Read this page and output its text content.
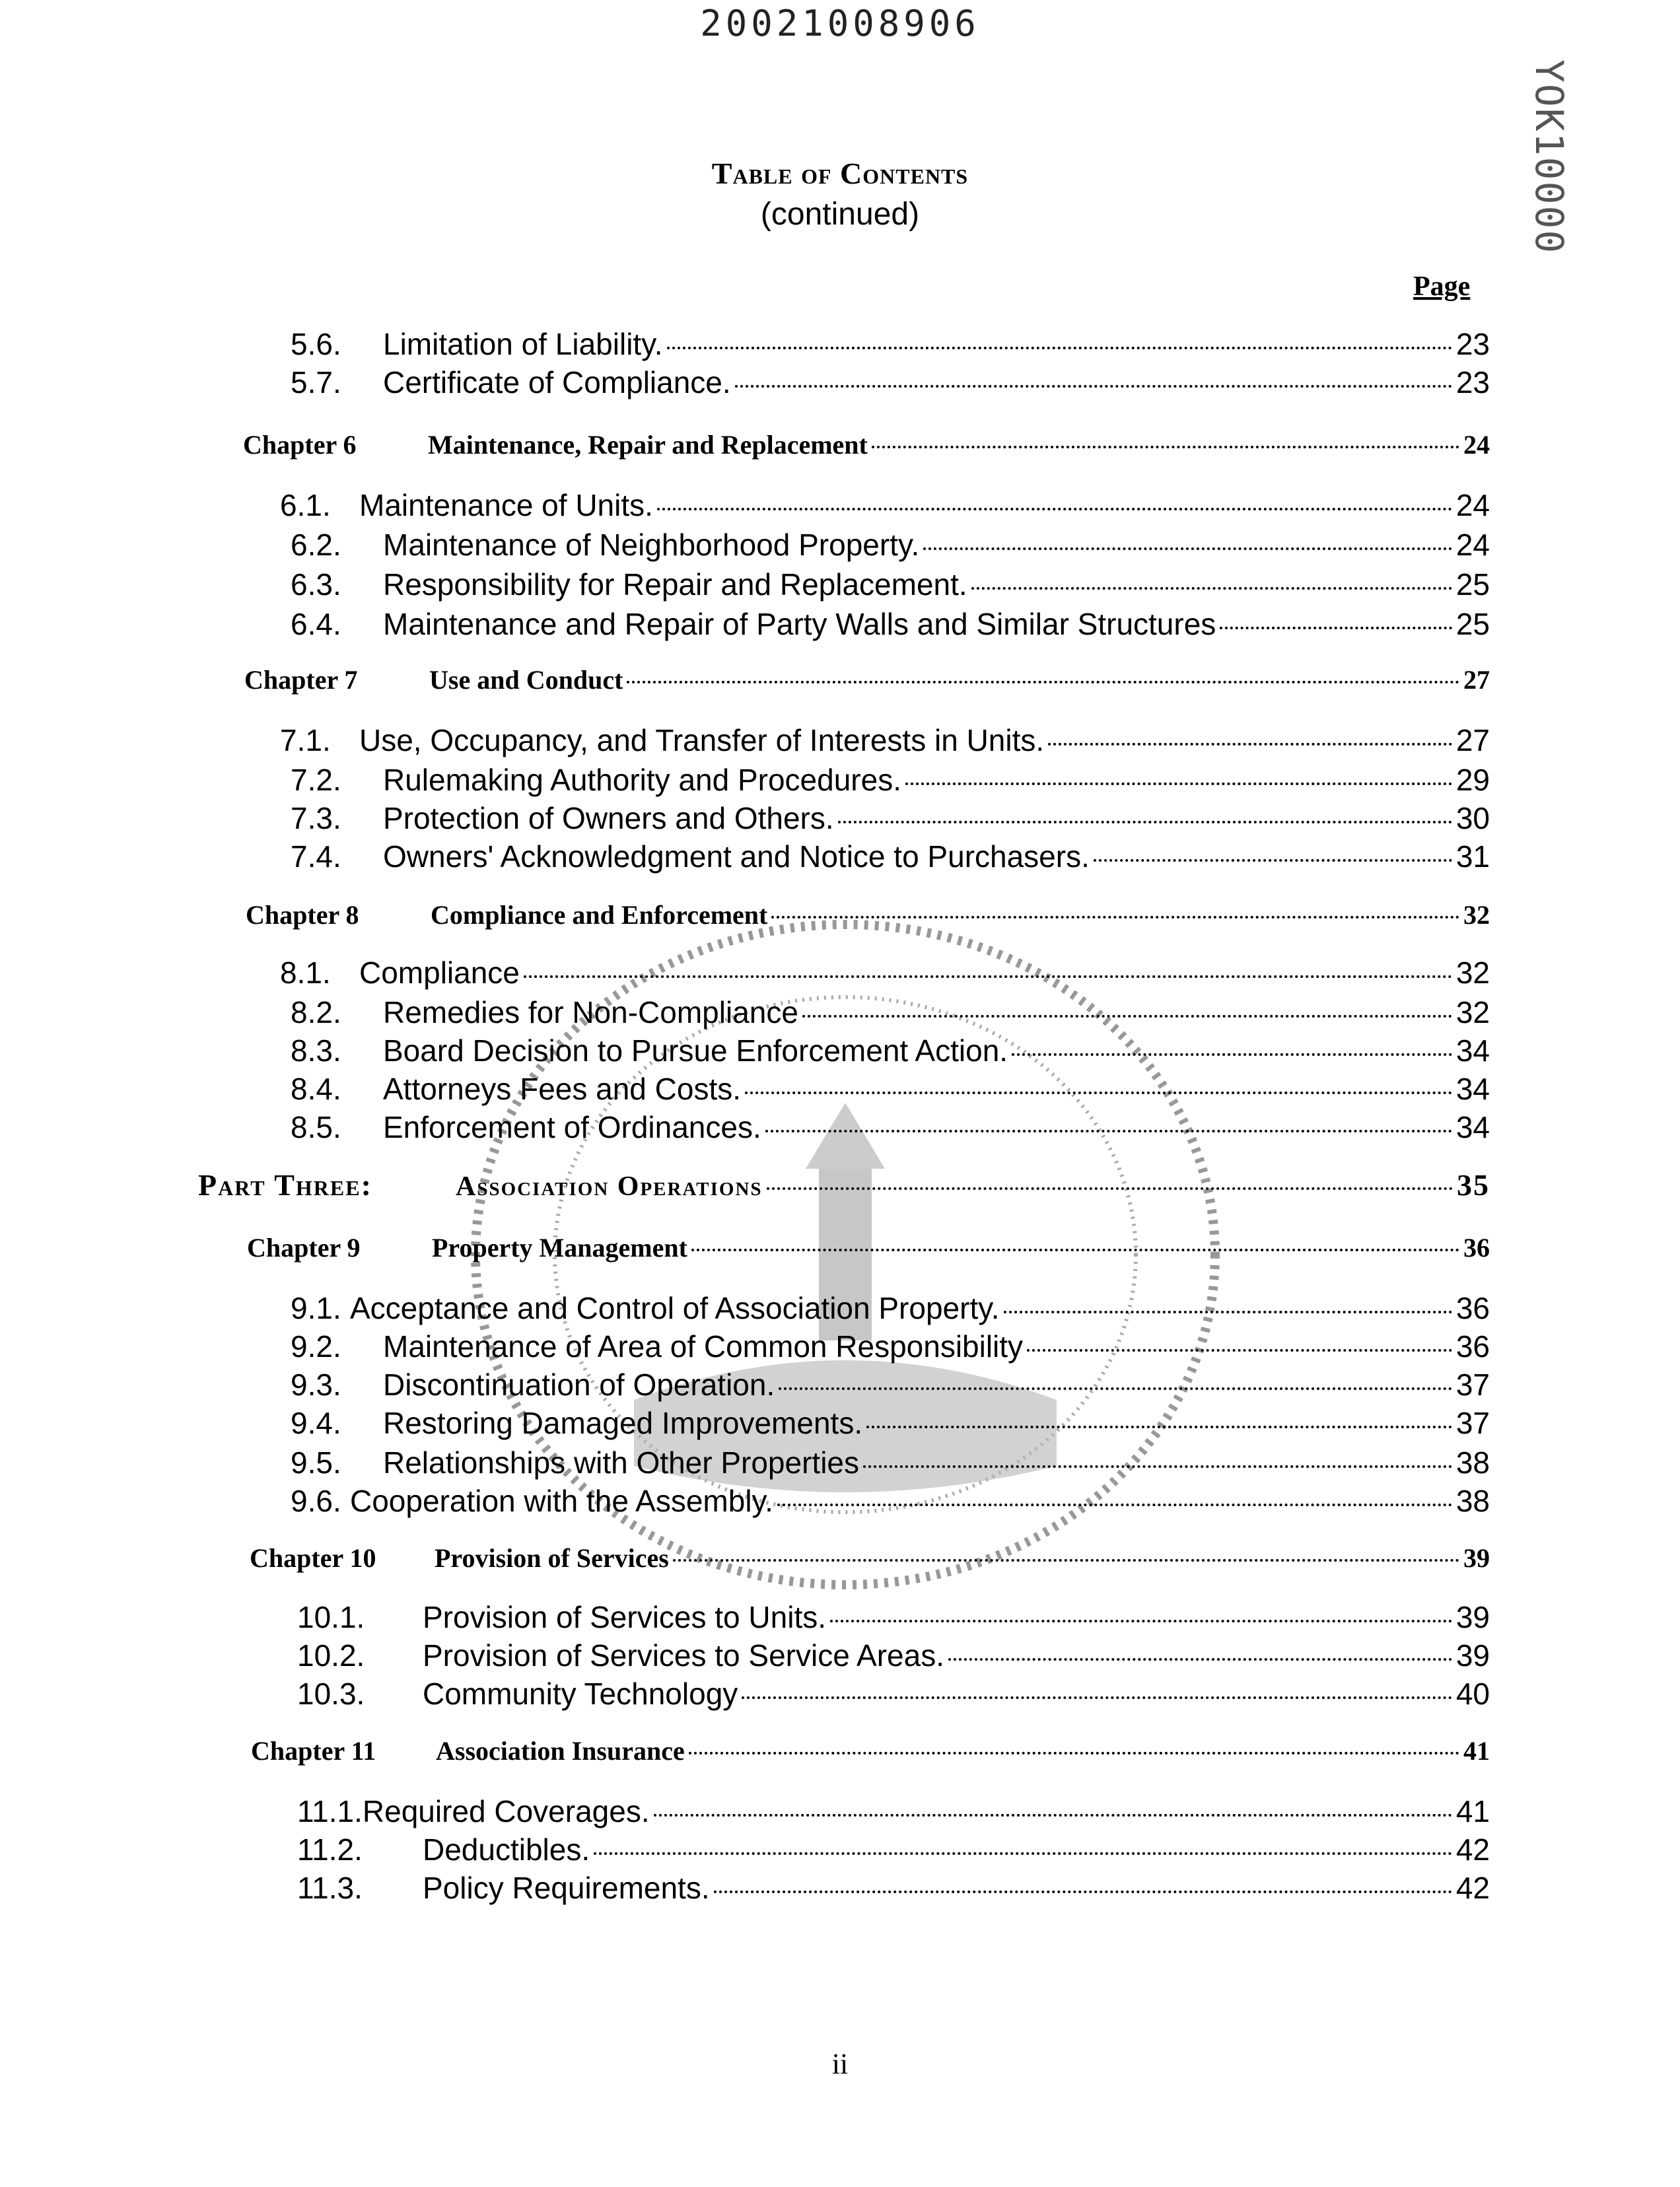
20021008906
YOK10000
Table of Contents
(continued)
Page
5.6.	Limitation of Liability.	23
5.7.	Certificate of Compliance.	23
Chapter 6	Maintenance, Repair and Replacement	24
6.1. Maintenance of Units.	24
6.2.	Maintenance of Neighborhood Property.	24
6.3.	Responsibility for Repair and Replacement.	25
6.4.	Maintenance and Repair of Party Walls and Similar Structures	25
Chapter 7	Use and Conduct	27
7.1. Use, Occupancy, and Transfer of Interests in Units.	27
7.2.	Rulemaking Authority and Procedures.	29
7.3.	Protection of Owners and Others.	30
7.4.	Owners' Acknowledgment and Notice to Purchasers.	31
Chapter 8	Compliance and Enforcement	32
8.1. Compliance	32
8.2.	Remedies for Non-Compliance	32
8.3.	Board Decision to Pursue Enforcement Action.	34
8.4.	Attorneys Fees and Costs.	34
8.5.	Enforcement of Ordinances.	34
Part Three:	Association Operations	35
Chapter 9	Property Management	36
9.1. Acceptance and Control of Association Property.	36
9.2.	Maintenance of Area of Common Responsibility	36
9.3.	Discontinuation of Operation.	37
9.4.	Restoring Damaged Improvements.	37
9.5.	Relationships with Other Properties	38
9.6. Cooperation with the Assembly.	38
Chapter 10	Provision of Services	39
10.1.	Provision of Services to Units.	39
10.2.	Provision of Services to Service Areas.	39
10.3.	Community Technology	40
Chapter 11	Association Insurance	41
11.1. Required Coverages.	41
11.2.	Deductibles.	42
11.3.	Policy Requirements.	42
ii
